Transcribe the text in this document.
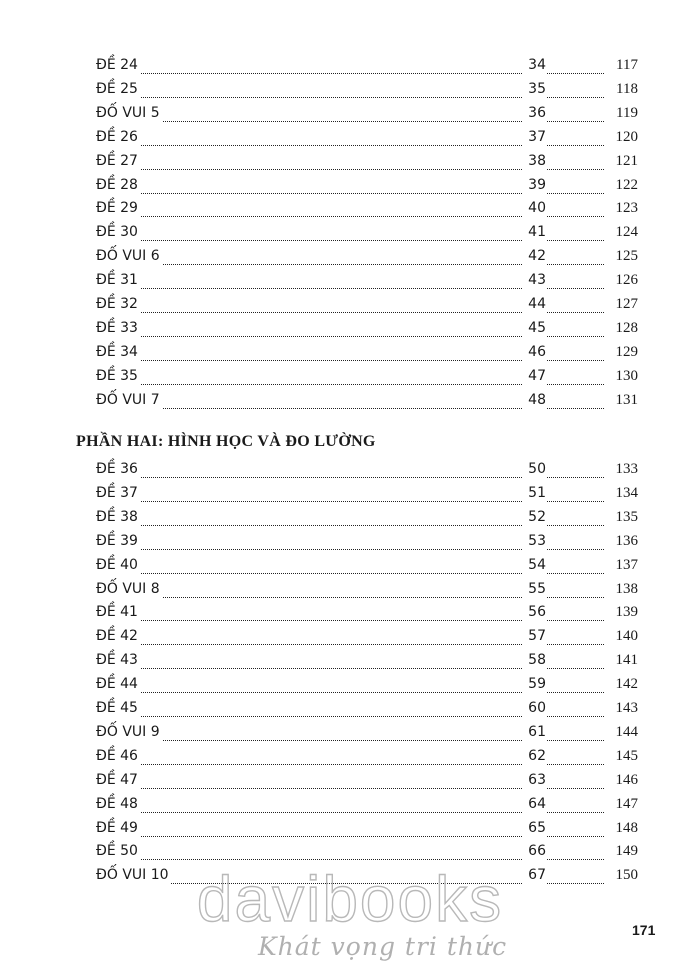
ĐỀ 24	34	117
ĐỀ 25	35	118
ĐỐ VUI 5	36	119
ĐỀ 26	37	120
ĐỀ 27	38	121
ĐỀ 28	39	122
ĐỀ 29	40	123
ĐỀ 30	41	124
ĐỐ VUI 6	42	125
ĐỀ 31	43	126
ĐỀ 32	44	127
ĐỀ 33	45	128
ĐỀ 34	46	129
ĐỀ 35	47	130
ĐỐ VUI 7	48	131
PHẦN HAI: HÌNH HỌC VÀ ĐO LƯỜNG
ĐỀ 36	50	133
ĐỀ 37	51	134
ĐỀ 38	52	135
ĐỀ 39	53	136
ĐỀ 40	54	137
ĐỐ VUI 8	55	138
ĐỀ 41	56	139
ĐỀ 42	57	140
ĐỀ 43	58	141
ĐỀ 44	59	142
ĐỀ 45	60	143
ĐỐ VUI 9	61	144
ĐỀ 46	62	145
ĐỀ 47	63	146
ĐỀ 48	64	147
ĐỀ 49	65	148
ĐỀ 50	66	149
ĐỐ VUI 10	67	150
171
davibooks
Khát vọng tri thức
